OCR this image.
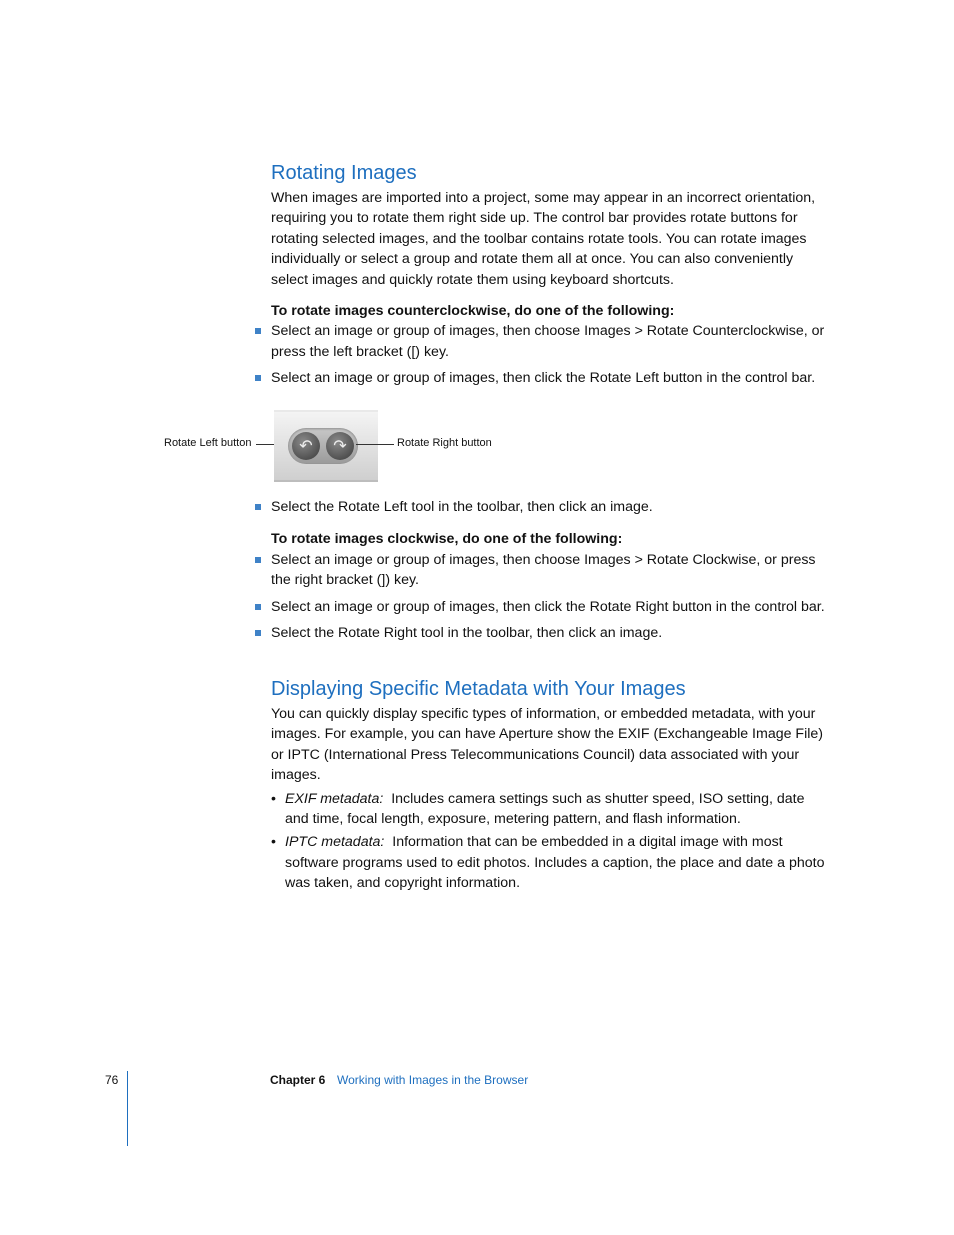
Rotating Images

When images are imported into a project, some may appear in an incorrect orientation, requiring you to rotate them right side up. The control bar provides rotate buttons for rotating selected images, and the toolbar contains rotate tools. You can rotate images individually or select a group and rotate them all at once. You can also conveniently select images and quickly rotate them using keyboard shortcuts.

To rotate images counterclockwise, do one of the following:

Select an image or group of images, then choose Images > Rotate Counterclockwise, or press the left bracket ([) key.
Select an image or group of images, then click the Rotate Left button in the control bar.
Rotate Left button	↶	↷	Rotate Right button
Select the Rotate Left tool in the toolbar, then click an image.

To rotate images clockwise, do one of the following:

Select an image or group of images, then choose Images > Rotate Clockwise, or press the right bracket (]) key.
Select an image or group of images, then click the Rotate Right button in the control bar.
Select the Rotate Right tool in the toolbar, then click an image.
Displaying Specific Metadata with Your Images

You can quickly display specific types of information, or embedded metadata, with your images. For example, you can have Aperture show the EXIF (Exchangeable Image File) or IPTC (International Press Telecommunications Council) data associated with your images.

• EXIF metadata: Includes camera settings such as shutter speed, ISO setting, date and time, focal length, exposure, metering pattern, and flash information.
• IPTC metadata: Information that can be embedded in a digital image with most software programs used to edit photos. Includes a caption, the place and date a photo was taken, and copyright information.
76	Chapter 6 Working with Images in the Browser
